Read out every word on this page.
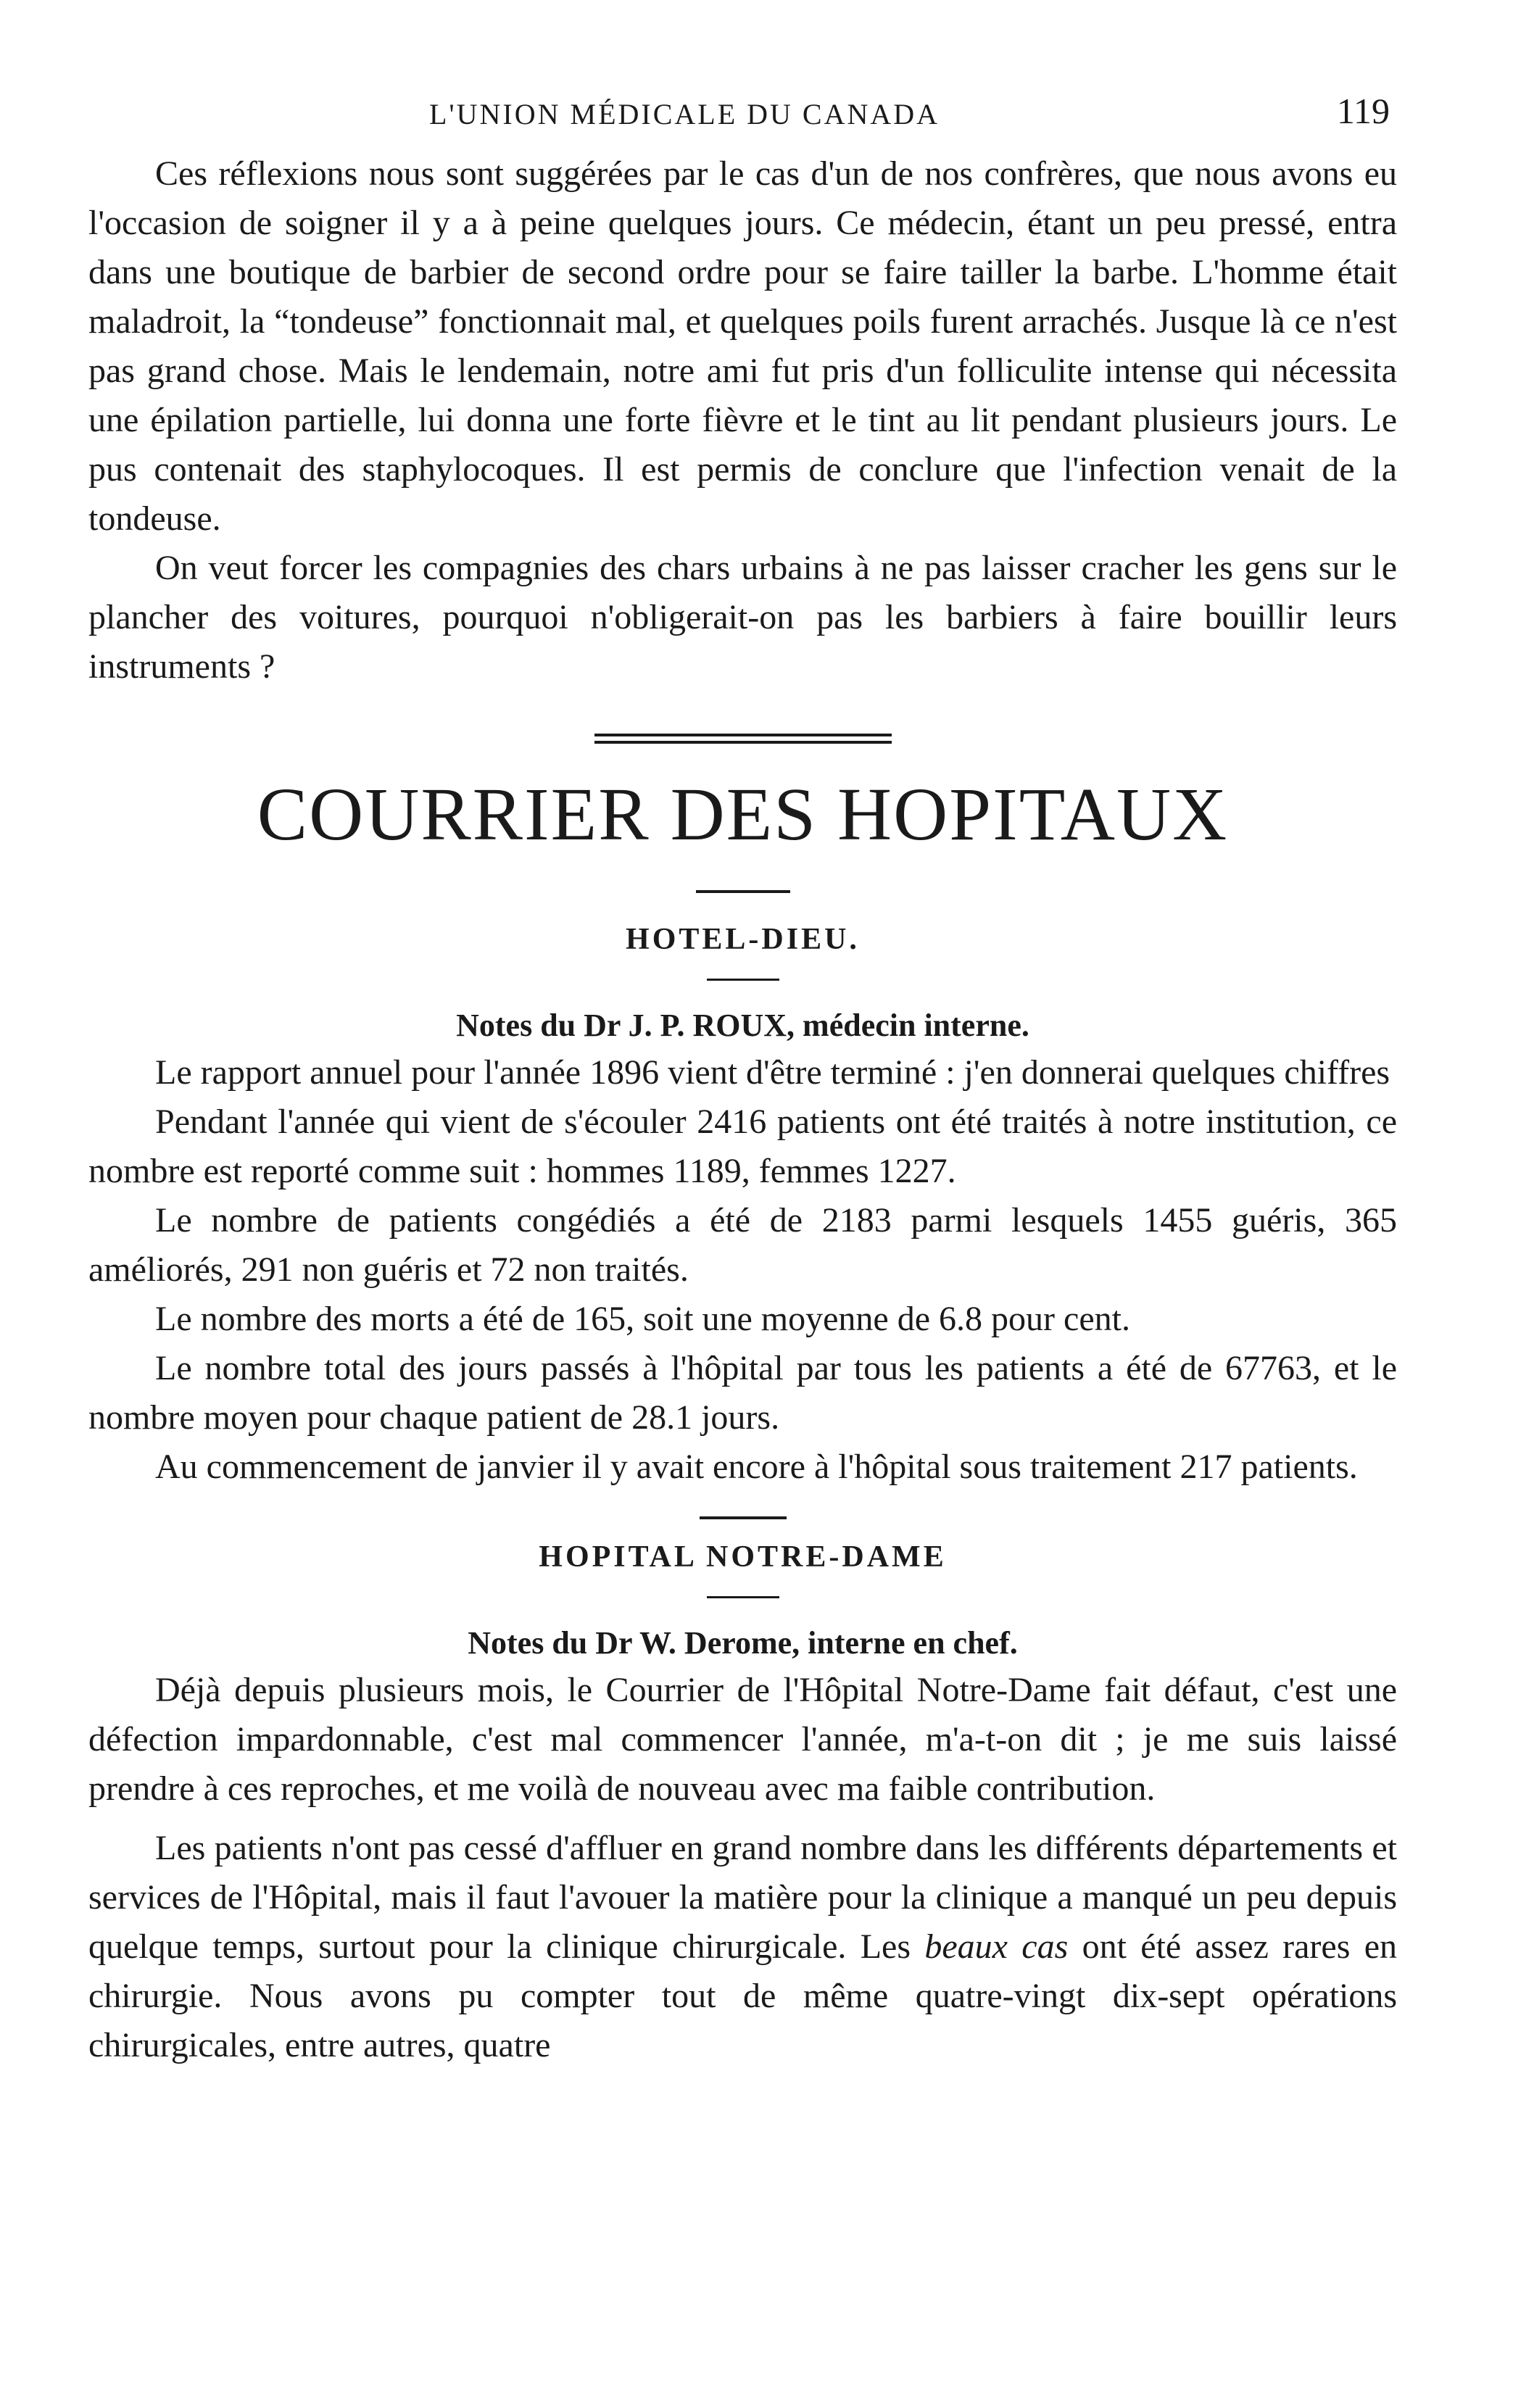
L'UNION MÉDICALE DU CANADA	119

Ces réflexions nous sont suggérées par le cas d'un de nos confrères, que nous avons eu l'occasion de soigner il y a à peine quelques jours. Ce médecin, étant un peu pressé, entra dans une boutique de barbier de second ordre pour se faire tailler la barbe. L'homme était maladroit, la “tondeuse” fonctionnait mal, et quelques poils furent arrachés. Jusque là ce n'est pas grand chose. Mais le lendemain, notre ami fut pris d'un folliculite intense qui nécessita une épilation partielle, lui donna une forte fièvre et le tint au lit pendant plusieurs jours. Le pus contenait des staphylocoques. Il est permis de conclure que l'infection venait de la tondeuse.

On veut forcer les compagnies des chars urbains à ne pas laisser cracher les gens sur le plancher des voitures, pourquoi n'obligerait-on pas les barbiers à faire bouillir leurs instruments ?

COURRIER DES HOPITAUX
HOTEL-DIEU.
Notes du Dr J. P. ROUX, médecin interne.

Le rapport annuel pour l'année 1896 vient d'être terminé : j'en donnerai quelques chiffres

Pendant l'année qui vient de s'écouler 2416 patients ont été traités à notre institution, ce nombre est reporté comme suit : hommes 1189, femmes 1227.

Le nombre de patients congédiés a été de 2183 parmi lesquels 1455 guéris, 365 améliorés, 291 non guéris et 72 non traités.

Le nombre des morts a été de 165, soit une moyenne de 6.8 pour cent.

Le nombre total des jours passés à l'hôpital par tous les patients a été de 67763, et le nombre moyen pour chaque patient de 28.1 jours.

Au commencement de janvier il y avait encore à l'hôpital sous traitement 217 patients.

HOPITAL NOTRE-DAME
Notes du Dr W. Derome, interne en chef.

Déjà depuis plusieurs mois, le Courrier de l'Hôpital Notre-Dame fait défaut, c'est une défection impardonnable, c'est mal commencer l'année, m'a-t-on dit ; je me suis laissé prendre à ces reproches, et me voilà de nouveau avec ma faible contribution.

Les patients n'ont pas cessé d'affluer en grand nombre dans les différents départements et services de l'Hôpital, mais il faut l'avouer la matière pour la clinique a manqué un peu depuis quelque temps, surtout pour la clinique chirurgicale. Les beaux cas ont été assez rares en chirurgie. Nous avons pu compter tout de même quatre-vingt dix-sept opérations chirurgicales, entre autres, quatre
